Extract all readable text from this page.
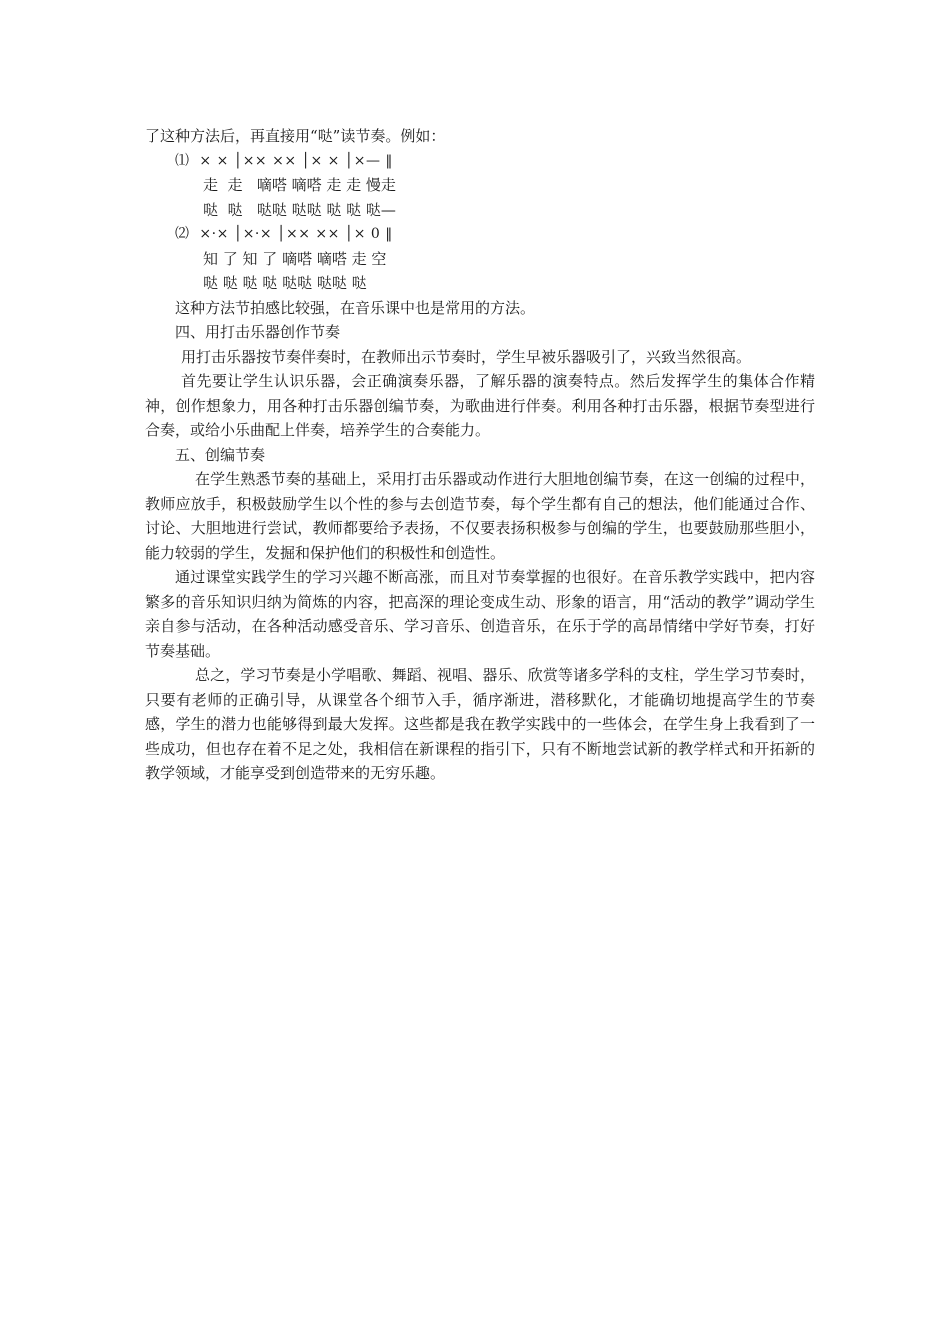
了这种方法后，再直接用“哒”读节奏。例如：

⑴  × × │×× ×× │× × │×— ‖

走  走   嘀嗒 嘀嗒 走 走 慢走

哒  哒   哒哒 哒哒 哒 哒 哒—

⑵  ×·× │×·× │×× ×× │× 0 ‖

知 了 知 了 嘀嗒 嘀嗒 走 空

哒 哒 哒 哒 哒哒 哒哒 哒

这种方法节拍感比较强，在音乐课中也是常用的方法。

四、用打击乐器创作节奏

用打击乐器按节奏伴奏时，在教师出示节奏时，学生早被乐器吸引了，兴致当然很高。

首先要让学生认识乐器，会正确演奏乐器，了解乐器的演奏特点。然后发挥学生的集体合作精神，创作想象力，用各种打击乐器创编节奏，为歌曲进行伴奏。利用各种打击乐器，根据节奏型进行合奏，或给小乐曲配上伴奏，培养学生的合奏能力。

五、创编节奏

在学生熟悉节奏的基础上，采用打击乐器或动作进行大胆地创编节奏，在这一创编的过程中，教师应放手，积极鼓励学生以个性的参与去创造节奏，每个学生都有自己的想法，他们能通过合作、讨论、大胆地进行尝试，教师都要给予表扬，不仅要表扬积极参与创编的学生，也要鼓励那些胆小，能力较弱的学生，发掘和保护他们的积极性和创造性。

通过课堂实践学生的学习兴趣不断高涨，而且对节奏掌握的也很好。在音乐教学实践中，把内容繁多的音乐知识归纳为简炼的内容，把高深的理论变成生动、形象的语言，用“活动的教学”调动学生亲自参与活动，在各种活动感受音乐、学习音乐、创造音乐，在乐于学的高昂情绪中学好节奏，打好节奏基础。

总之，学习节奏是小学唱歌、舞蹈、视唱、器乐、欣赏等诸多学科的支柱，学生学习节奏时，只要有老师的正确引导，从课堂各个细节入手，循序渐进，潜移默化，才能确切地提高学生的节奏感，学生的潜力也能够得到最大发挥。这些都是我在教学实践中的一些体会，在学生身上我看到了一些成功，但也存在着不足之处，我相信在新课程的指引下，只有不断地尝试新的教学样式和开拓新的教学领域，才能享受到创造带来的无穷乐趣。
